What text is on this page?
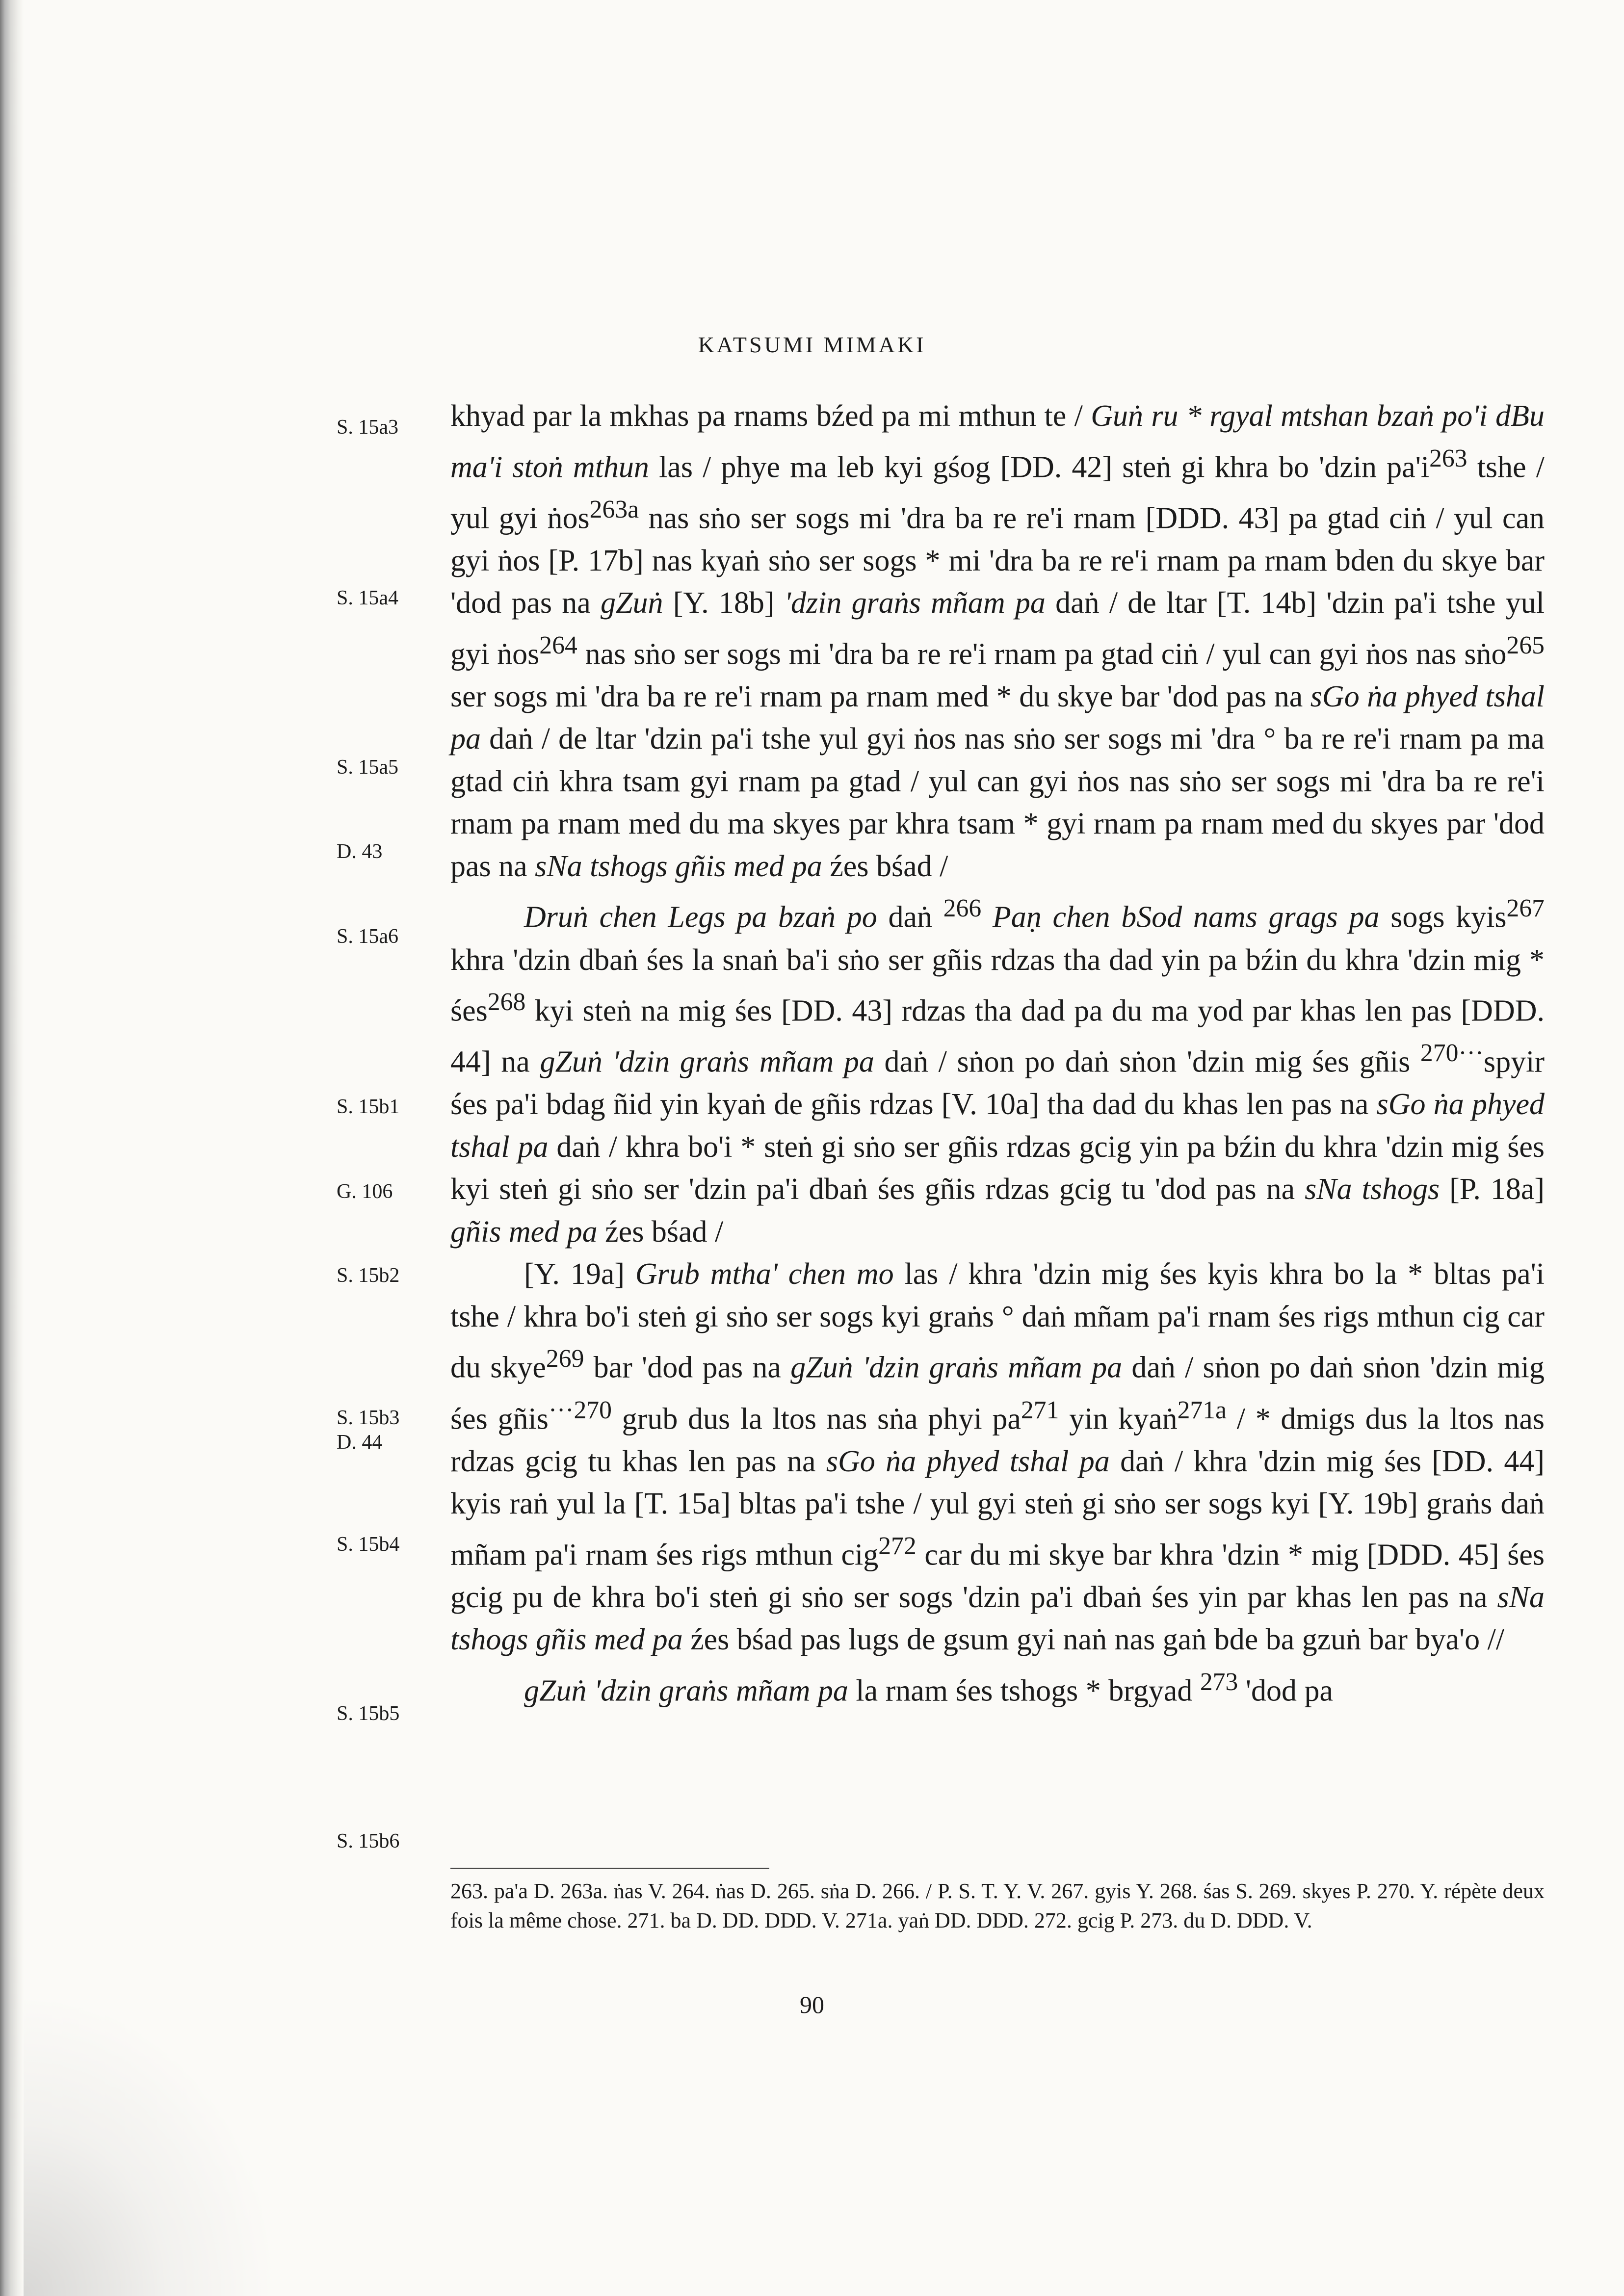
KATSUMI MIMAKI
S. 15a3
S. 15a4
S. 15a5
D. 43
S. 15a6
S. 15b1
G. 106
S. 15b2
S. 15b3
D. 44
S. 15b4
S. 15b5
S. 15b6

khyad par la mkhas pa rnams bźed pa mi mthun te / Guṅ ru * rgyal mtshan bzaṅ po'i dBu ma'i stoṅ mthun las / phye ma leb kyi gśog [DD. 42] steṅ gi khra bo 'dzin $pa'i^{263}$ tshe / yul gyi ṅos$^{263a}$ nas sṅo ser sogs mi 'dra ba re re'i rnam [DDD. 43] pa gtad ciṅ / yul can gyi ṅos [P. 17b] nas kyaṅ sṅo ser sogs * mi 'dra ba re re'i rnam pa rnam bden du skye bar 'dod pas na gZuṅ [Y. 18b] 'dzin graṅs mñam pa daṅ / de ltar [T. 14b] 'dzin pa'i tshe yul gyi ṅos$^{264}$ nas sṅo ser sogs mi 'dra ba re re'i rnam pa gtad ciṅ / yul can gyi ṅos nas sṅo$^{265}$ ser sogs mi 'dra ba re re'i rnam pa rnam med * du skye bar 'dod pas na sGo ṅa phyed tshal pa daṅ / de ltar 'dzin pa'i tshe yul gyi ṅos nas sṅo ser sogs mi 'dra ° ba re re'i rnam pa ma gtad ciṅ khra tsam gyi rnam pa gtad / yul can gyi ṅos nas sṅo ser sogs mi 'dra ba re re'i rnam pa rnam med du ma skyes par khra tsam * gyi rnam pa rnam med du skyes par 'dod pas na sNa tshogs gñis med pa źes bśad /

Druṅ chen Legs pa bzaṅ po daṅ $^{266}$ Paṇ chen bSod nams grags pa sogs kyis$^{267}$ khra 'dzin dbaṅ śes la snaṅ ba'i sṅo ser gñis rdzas tha dad yin pa bźin du khra 'dzin mig * śes$^{268}$ kyi steṅ na mig śes [DD. 43] rdzas tha dad pa du ma yod par khas len pas [DDD. 44] na gZuṅ 'dzin graṅs mñam pa daṅ / sṅon po daṅ sṅon 'dzin mig śes gñis $^{270\cdot\cdot\cdot}$spyir śes pa'i bdag ñid yin kyaṅ de gñis rdzas [V. 10a] tha dad du khas len pas na sGo ṅa phyed tshal pa daṅ / khra bo'i * steṅ gi sṅo ser gñis rdzas gcig yin pa bźin du khra 'dzin mig śes kyi steṅ gi sṅo ser 'dzin pa'i dbaṅ śes gñis rdzas gcig tu 'dod pas na sNa tshogs [P. 18a] gñis med pa źes bśad /

[Y. 19a] Grub mtha' chen mo las / khra 'dzin mig śes kyis khra bo la * bltas pa'i tshe / khra bo'i steṅ gi sṅo ser sogs kyi graṅs ° daṅ mñam pa'i rnam śes rigs mthun cig car du skye$^{269}$ bar 'dod pas na gZuṅ 'dzin graṅs mñam pa daṅ / sṅon po daṅ sṅon 'dzin mig śes gñis$^{\cdot\cdot\cdot 270}$ grub dus la ltos nas sṅa phyi $pa^{271}$ yin kyaṅ$^{271a}$ / * dmigs dus la ltos nas rdzas gcig tu khas len pas na sGo ṅa phyed tshal pa daṅ / khra 'dzin mig śes [DD. 44] kyis raṅ yul la [T. 15a] bltas pa'i tshe / yul gyi steṅ gi sṅo ser sogs kyi [Y. 19b] graṅs daṅ mñam pa'i rnam śes rigs mthun cig$^{272}$ car du mi skye bar khra 'dzin * mig [DDD. 45] śes gcig pu de khra bo'i steṅ gi sṅo ser sogs 'dzin pa'i dbaṅ śes yin par khas len pas na sNa tshogs gñis med pa źes bśad pas lugs de gsum gyi naṅ nas gaṅ bde ba gzuṅ bar bya'o //

gZuṅ 'dzin graṅs mñam pa la rnam śes tshogs * brgyad $^{273}$ 'dod pa

263. pa'a D. 263a. ṅas V. 264. ṅas D. 265. sṅa D. 266. / P. S. T. Y. V. 267. gyis Y. 268. śas S. 269. skyes P. 270. Y. répète deux fois la même chose. 271. ba D. DD. DDD. V. 271a. yaṅ DD. DDD. 272. gcig P. 273. du D. DDD. V.
90
